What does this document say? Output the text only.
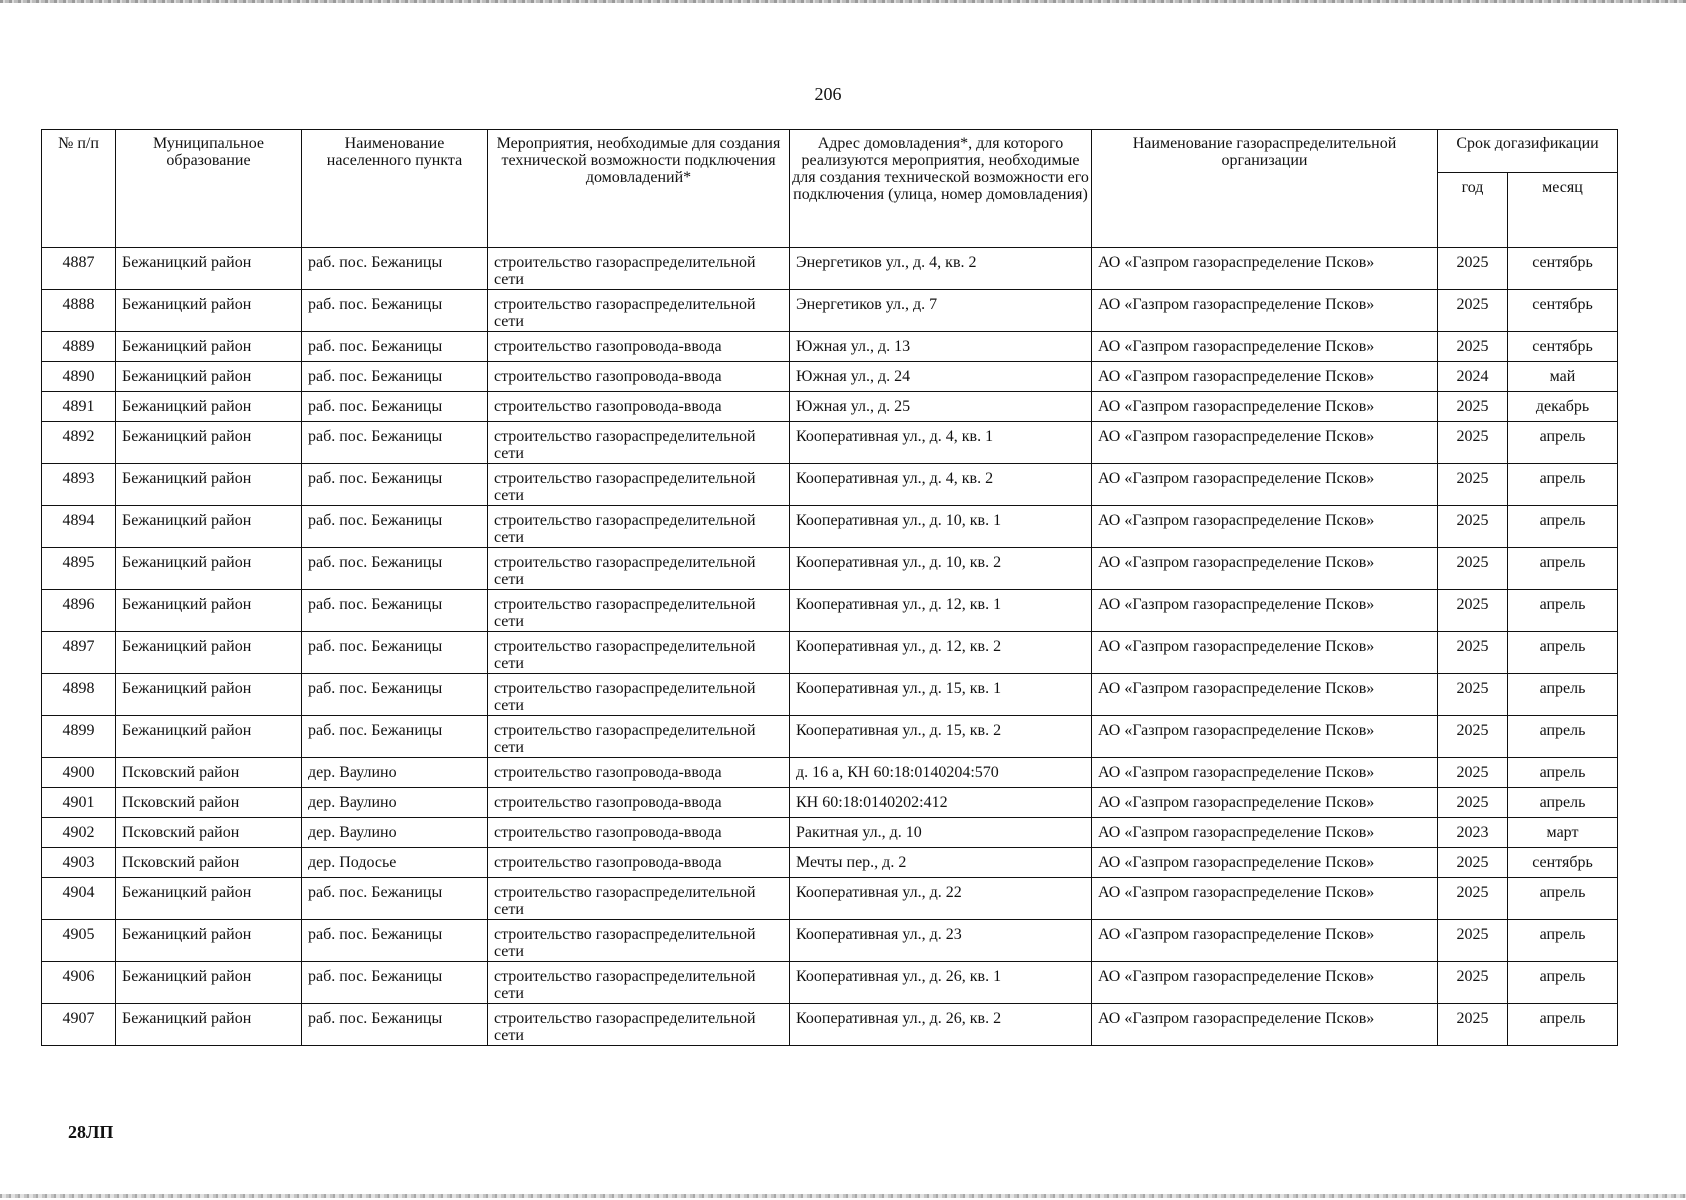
206
№ п/п	Муниципальное образование	Наименование населенного пункта	Мероприятия, необходимые для создания технической возможности подключения домовладений*	Адрес домовладения*, для которого реализуются мероприятия, необходимые для создания технической возможности его подключения (улица, номер домовладения)	Наименование газораспределительной организации	Срок догазификации	
						год	месяц
4887	Бежаницкий район	раб. пос. Бежаницы	строительство газораспределительной сети	Энергетиков ул., д. 4, кв. 2	АО «Газпром газораспределение Псков»	2025	сентябрь
4888	Бежаницкий район	раб. пос. Бежаницы	строительство газораспределительной сети	Энергетиков ул., д. 7	АО «Газпром газораспределение Псков»	2025	сентябрь
4889	Бежаницкий район	раб. пос. Бежаницы	строительство газопровода-ввода	Южная ул., д. 13	АО «Газпром газораспределение Псков»	2025	сентябрь
4890	Бежаницкий район	раб. пос. Бежаницы	строительство газопровода-ввода	Южная ул., д. 24	АО «Газпром газораспределение Псков»	2024	май
4891	Бежаницкий район	раб. пос. Бежаницы	строительство газопровода-ввода	Южная ул., д. 25	АО «Газпром газораспределение Псков»	2025	декабрь
4892	Бежаницкий район	раб. пос. Бежаницы	строительство газораспределительной сети	Кооперативная ул., д. 4, кв. 1	АО «Газпром газораспределение Псков»	2025	апрель
4893	Бежаницкий район	раб. пос. Бежаницы	строительство газораспределительной сети	Кооперативная ул., д. 4, кв. 2	АО «Газпром газораспределение Псков»	2025	апрель
4894	Бежаницкий район	раб. пос. Бежаницы	строительство газораспределительной сети	Кооперативная ул., д. 10, кв. 1	АО «Газпром газораспределение Псков»	2025	апрель
4895	Бежаницкий район	раб. пос. Бежаницы	строительство газораспределительной сети	Кооперативная ул., д. 10, кв. 2	АО «Газпром газораспределение Псков»	2025	апрель
4896	Бежаницкий район	раб. пос. Бежаницы	строительство газораспределительной сети	Кооперативная ул., д. 12, кв. 1	АО «Газпром газораспределение Псков»	2025	апрель
4897	Бежаницкий район	раб. пос. Бежаницы	строительство газораспределительной сети	Кооперативная ул., д. 12, кв. 2	АО «Газпром газораспределение Псков»	2025	апрель
4898	Бежаницкий район	раб. пос. Бежаницы	строительство газораспределительной сети	Кооперативная ул., д. 15, кв. 1	АО «Газпром газораспределение Псков»	2025	апрель
4899	Бежаницкий район	раб. пос. Бежаницы	строительство газораспределительной сети	Кооперативная ул., д. 15, кв. 2	АО «Газпром газораспределение Псков»	2025	апрель
4900	Псковский район	дер. Ваулино	строительство газопровода-ввода	д. 16 а, КН 60:18:0140204:570	АО «Газпром газораспределение Псков»	2025	апрель
4901	Псковский район	дер. Ваулино	строительство газопровода-ввода	КН 60:18:0140202:412	АО «Газпром газораспределение Псков»	2025	апрель
4902	Псковский район	дер. Ваулино	строительство газопровода-ввода	Ракитная ул., д. 10	АО «Газпром газораспределение Псков»	2023	март
4903	Псковский район	дер. Подосье	строительство газопровода-ввода	Мечты пер., д. 2	АО «Газпром газораспределение Псков»	2025	сентябрь
4904	Бежаницкий район	раб. пос. Бежаницы	строительство газораспределительной сети	Кооперативная ул., д. 22	АО «Газпром газораспределение Псков»	2025	апрель
4905	Бежаницкий район	раб. пос. Бежаницы	строительство газораспределительной сети	Кооперативная ул., д. 23	АО «Газпром газораспределение Псков»	2025	апрель
4906	Бежаницкий район	раб. пос. Бежаницы	строительство газораспределительной сети	Кооперативная ул., д. 26, кв. 1	АО «Газпром газораспределение Псков»	2025	апрель
4907	Бежаницкий район	раб. пос. Бежаницы	строительство газораспределительной сети	Кооперативная ул., д. 26, кв. 2	АО «Газпром газораспределение Псков»	2025	апрель
28ЛП
